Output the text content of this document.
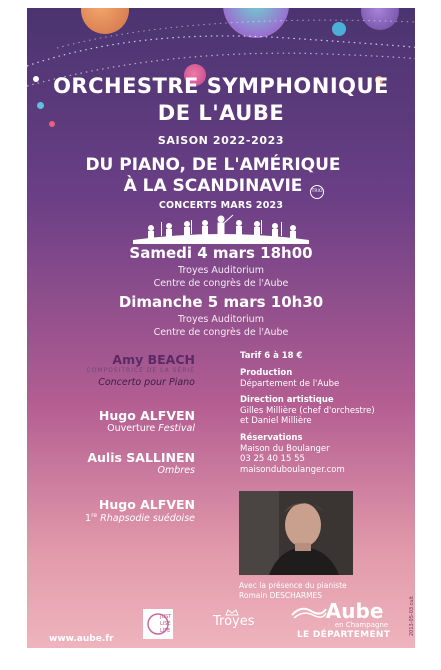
ORCHESTRE SYMPHONIQUE
DE L'AUBE
SAISON 2022-2023
DU PIANO, DE L'AMÉRIQUE
À LA SCANDINAVIE	TRIO
CONCERTS MARS 2023
Samedi 4 mars 18h00
Troyes Auditorium
Centre de congrès de l'Aube
Dimanche 5 mars 10h30
Troyes Auditorium
Centre de congrès de l'Aube
Amy BEACH
COMPOSITRICE DE LA SÉRIE
Concerto pour Piano
Hugo ALFVEN
Ouverture Festival
Aulis SALLINEN
Ombres
Hugo ALFVEN
1re Rhapsodie suédoise
Tarif 6 à 18 €
Production
Département de l'Aube
Direction artistique
Gilles Millière (chef d'orchestre)
et Daniel Millière
Réservations
Maison du Boulanger
03 25 40 15 55
maisonduboulanger.com
Avec la présence du pianiste
Romain DESCHARMES
www.aube.fr
JUST
LISE
LIFE
Troyes	Aube
en Champagne
LE DÉPARTEMENT	2013-05-03 cult
*Programme déboutré
